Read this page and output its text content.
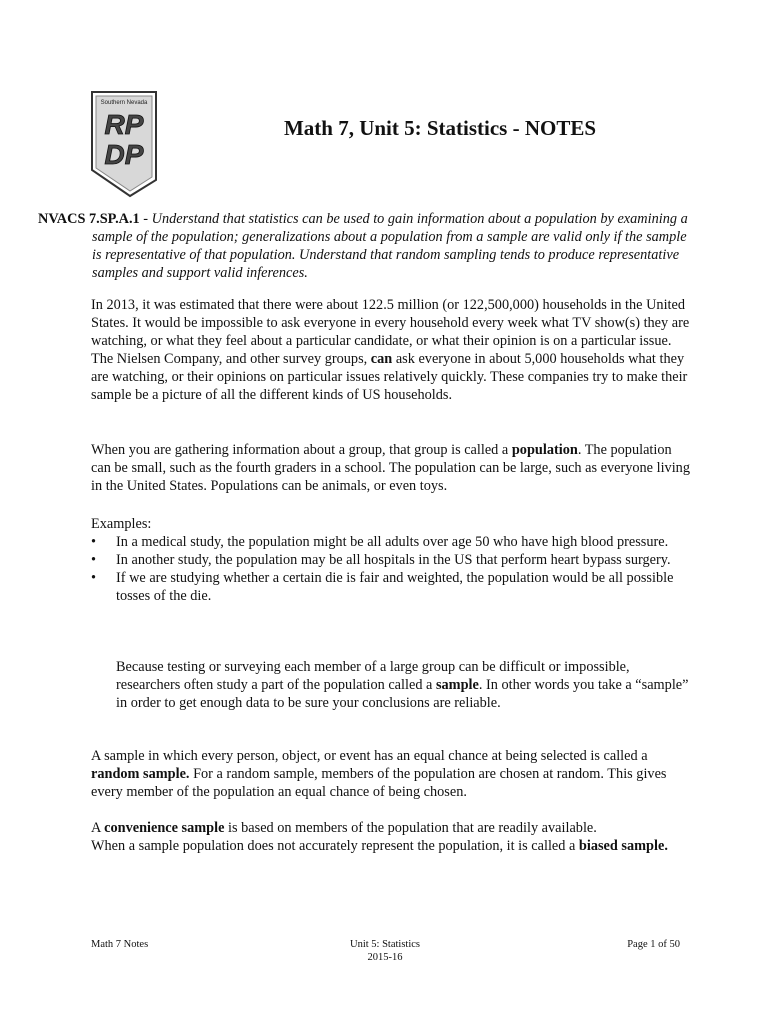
Southern Nevada
RP
DP
Math 7, Unit 5: Statistics - NOTES
NVACS 7.SP.A.1 - Understand that statistics can be used to gain information about a population by examining a sample of the population; generalizations about a population from a sample are valid only if the sample is representative of that population. Understand that random sampling tends to produce representative samples and support valid inferences.

In 2013, it was estimated that there were about 122.5 million (or 122,500,000) households in the United States. It would be impossible to ask everyone in every household every week what TV show(s) they are watching, or what they feel about a particular candidate, or what their opinion is on a particular issue. The Nielsen Company, and other survey groups, can ask everyone in about 5,000 households what they are watching, or their opinions on particular issues relatively quickly. These companies try to make their sample be a picture of all the different kinds of US households.

When you are gathering information about a group, that group is called a population. The population can be small, such as the fourth graders in a school. The population can be large, such as everyone living in the United States. Populations can be animals, or even toys.

Examples:
• In a medical study, the population might be all adults over age 50 who have high blood pressure.
• In another study, the population may be all hospitals in the US that perform heart bypass surgery.
• If we are studying whether a certain die is fair and weighted, the population would be all possible tosses of the die.

Because testing or surveying each member of a large group can be difficult or impossible, researchers often study a part of the population called a sample. In other words you take a “sample” in order to get enough data to be sure your conclusions are reliable.

A sample in which every person, object, or event has an equal chance at being selected is called a random sample. For a random sample, members of the population are chosen at random. This gives every member of the population an equal chance of being chosen.

A convenience sample is based on members of the population that are readily available.

When a sample population does not accurately represent the population, it is called a biased sample.

Math 7 Notes	Unit 5: Statistics
2015-16
Page 1 of 50
